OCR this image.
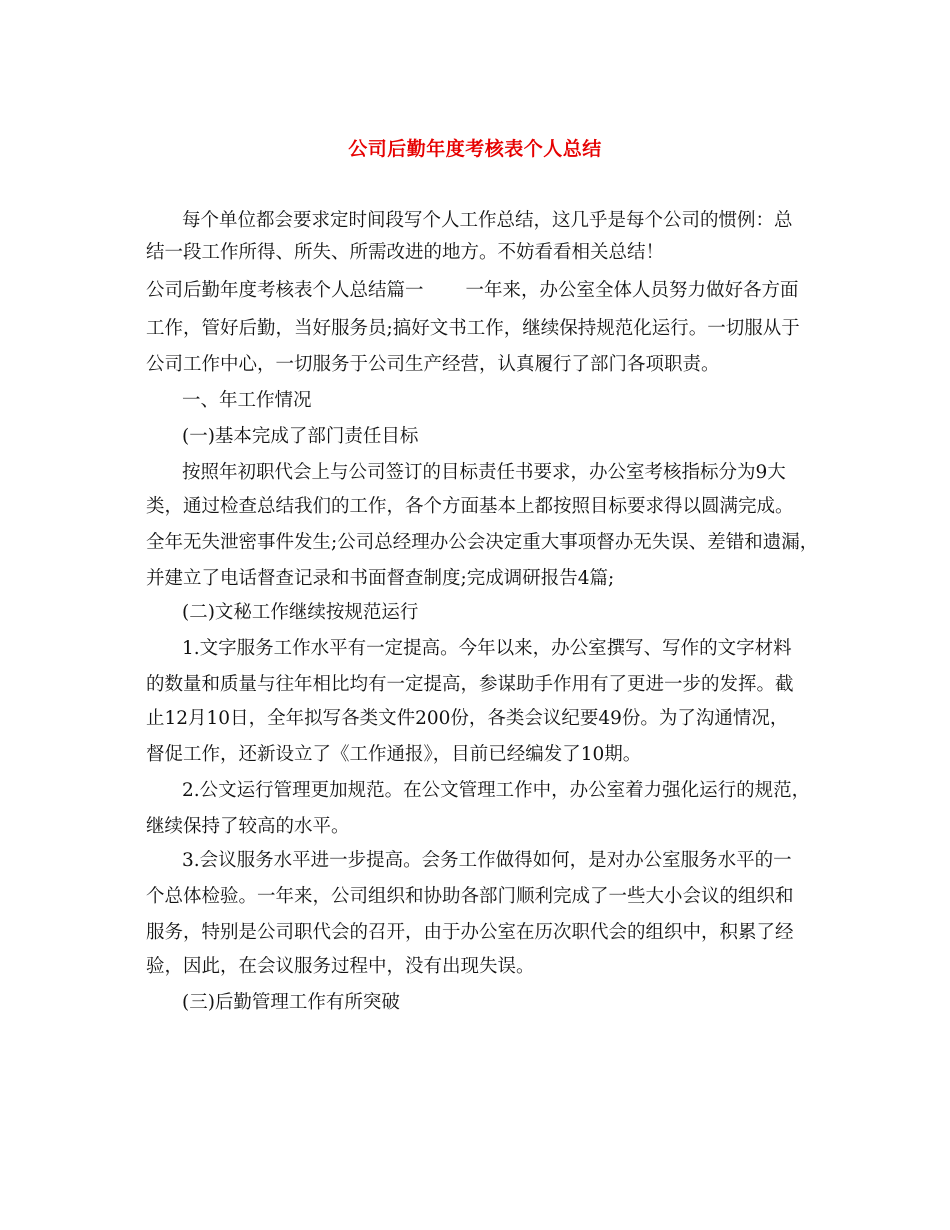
公司后勤年度考核表个人总结
每个单位都会要求定时间段写个人工作总结，这几乎是每个公司的惯例：总
结一段工作所得、所失、所需改进的地方。不妨看看相关总结！
公司后勤年度考核表个人总结篇一 一年来，办公室全体人员努力做好各方面
工作，管好后勤，当好服务员;搞好文书工作，继续保持规范化运行。一切服从于
公司工作中心，一切服务于公司生产经营，认真履行了部门各项职责。
一、年工作情况
(一)基本完成了部门责任目标
按照年初职代会上与公司签订的目标责任书要求，办公室考核指标分为9大
类，通过检查总结我们的工作，各个方面基本上都按照目标要求得以圆满完成。
全年无失泄密事件发生;公司总经理办公会决定重大事项督办无失误、差错和遗漏，
并建立了电话督查记录和书面督查制度;完成调研报告4篇;
(二)文秘工作继续按规范运行
1.文字服务工作水平有一定提高。今年以来，办公室撰写、写作的文字材料
的数量和质量与往年相比均有一定提高，参谋助手作用有了更进一步的发挥。截
止12月10日，全年拟写各类文件200份，各类会议纪要49份。为了沟通情况，
督促工作，还新设立了《工作通报》，目前已经编发了10期。
2.公文运行管理更加规范。在公文管理工作中，办公室着力强化运行的规范，
继续保持了较高的水平。
3.会议服务水平进一步提高。会务工作做得如何，是对办公室服务水平的一
个总体检验。一年来，公司组织和协助各部门顺利完成了一些大小会议的组织和
服务，特别是公司职代会的召开，由于办公室在历次职代会的组织中，积累了经
验，因此，在会议服务过程中，没有出现失误。
(三)后勤管理工作有所突破
